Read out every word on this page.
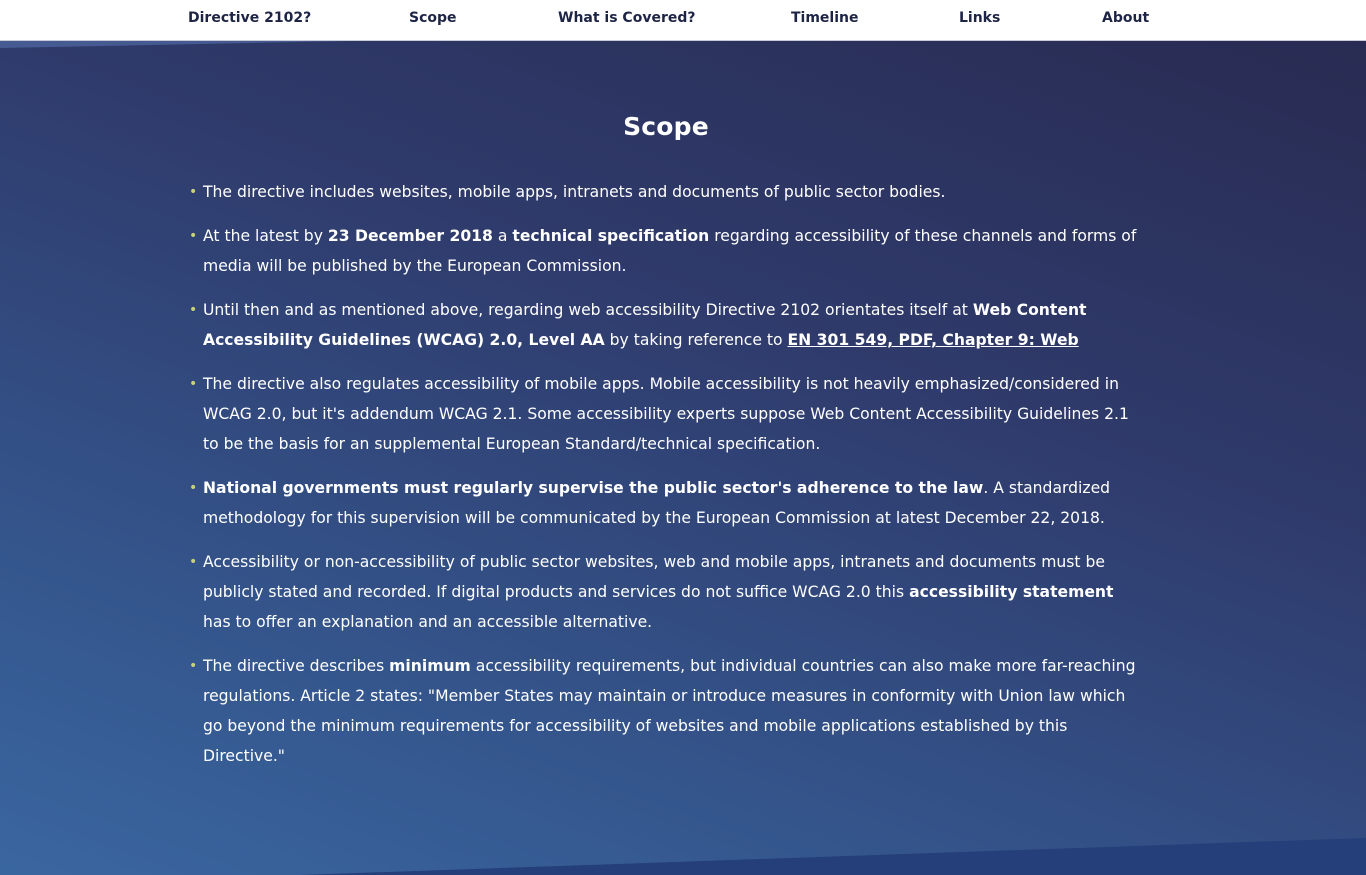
Directive 2102?	Scope	What is Covered?	Timeline	Links	About
Scope
• The directive includes websites, mobile apps, intranets and documents of public sector bodies.
• At the latest by 23 December 2018 a technical specification regarding accessibility of these channels and forms of media will be published by the European Commission.
• Until then and as mentioned above, regarding web accessibility Directive 2102 orientates itself at Web Content Accessibility Guidelines (WCAG) 2.0, Level AA by taking reference to EN 301 549, PDF, Chapter 9: Web
• The directive also regulates accessibility of mobile apps. Mobile accessibility is not heavily emphasized/considered in WCAG 2.0, but it's addendum WCAG 2.1. Some accessibility experts suppose Web Content Accessibility Guidelines 2.1 to be the basis for an supplemental European Standard/technical specification.
• National governments must regularly supervise the public sector's adherence to the law. A standardized methodology for this supervision will be communicated by the European Commission at latest December 22, 2018.
• Accessibility or non-accessibility of public sector websites, web and mobile apps, intranets and documents must be publicly stated and recorded. If digital products and services do not suffice WCAG 2.0 this accessibility statement has to offer an explanation and an accessible alternative.
• The directive describes minimum accessibility requirements, but individual countries can also make more far-reaching regulations. Article 2 states: "Member States may maintain or introduce measures in conformity with Union law which go beyond the minimum requirements for accessibility of websites and mobile applications established by this Directive."
